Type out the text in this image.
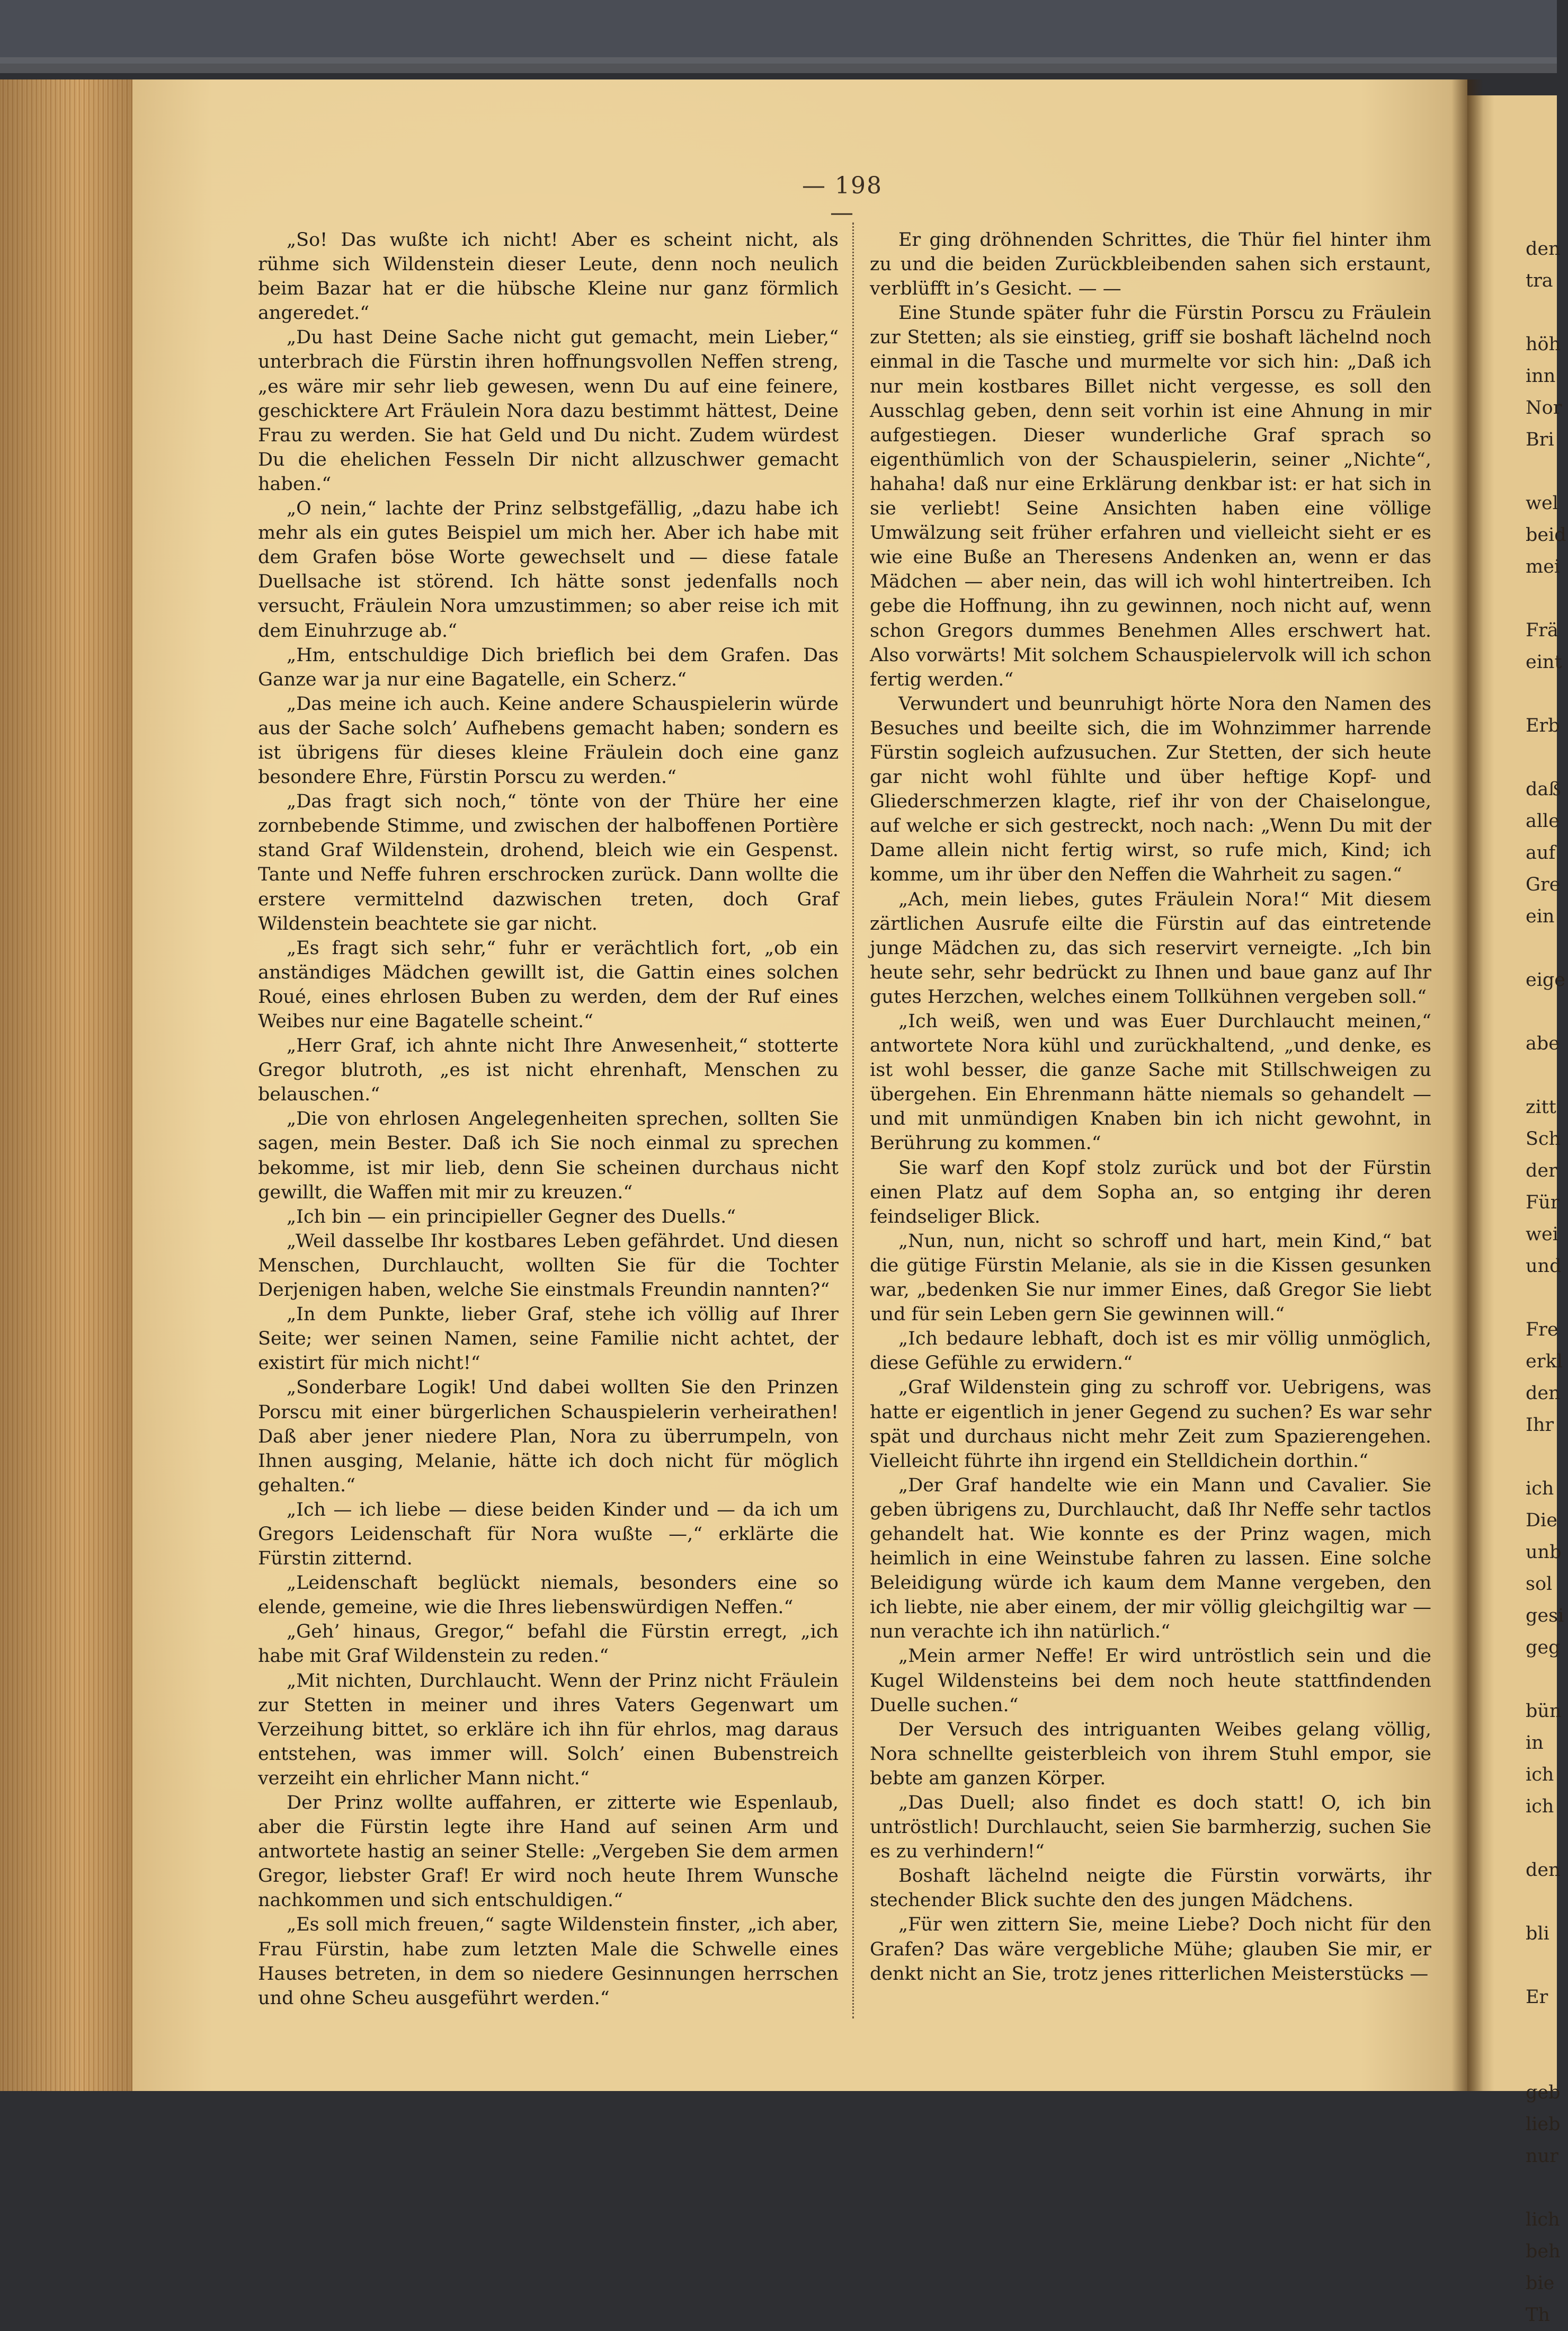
— 198 —

„So! Das wußte ich nicht! Aber es scheint nicht, als rühme sich Wildenstein dieser Leute, denn noch neulich beim Bazar hat er die hübsche Kleine nur ganz förmlich angeredet.“

„Du hast Deine Sache nicht gut gemacht, mein Lieber,“ unterbrach die Fürstin ihren hoffnungsvollen Neffen streng, „es wäre mir sehr lieb gewesen, wenn Du auf eine feinere, geschicktere Art Fräulein Nora dazu bestimmt hättest, Deine Frau zu werden. Sie hat Geld und Du nicht. Zudem würdest Du die ehelichen Fesseln Dir nicht allzuschwer gemacht haben.“

„O nein,“ lachte der Prinz selbstgefällig, „dazu habe ich mehr als ein gutes Beispiel um mich her. Aber ich habe mit dem Grafen böse Worte gewechselt und — diese fatale Duellsache ist störend. Ich hätte sonst jedenfalls noch versucht, Fräulein Nora umzustimmen; so aber reise ich mit dem Einuhrzuge ab.“

„Hm, entschuldige Dich brieflich bei dem Grafen. Das Ganze war ja nur eine Bagatelle, ein Scherz.“

„Das meine ich auch. Keine andere Schauspielerin würde aus der Sache solch’ Aufhebens gemacht haben; sondern es ist übrigens für dieses kleine Fräulein doch eine ganz besondere Ehre, Fürstin Porscu zu werden.“

„Das fragt sich noch,“ tönte von der Thüre her eine zornbebende Stimme, und zwischen der halboffenen Portière stand Graf Wildenstein, drohend, bleich wie ein Gespenst. Tante und Neffe fuhren erschrocken zurück. Dann wollte die erstere vermittelnd dazwischen treten, doch Graf Wildenstein beachtete sie gar nicht.

„Es fragt sich sehr,“ fuhr er verächtlich fort, „ob ein anständiges Mädchen gewillt ist, die Gattin eines solchen Roué, eines ehrlosen Buben zu werden, dem der Ruf eines Weibes nur eine Bagatelle scheint.“

„Herr Graf, ich ahnte nicht Ihre Anwesenheit,“ stotterte Gregor blutroth, „es ist nicht ehrenhaft, Menschen zu belauschen.“

„Die von ehrlosen Angelegenheiten sprechen, sollten Sie sagen, mein Bester. Daß ich Sie noch einmal zu sprechen bekomme, ist mir lieb, denn Sie scheinen durchaus nicht gewillt, die Waffen mit mir zu kreuzen.“

„Ich bin — ein principieller Gegner des Duells.“

„Weil dasselbe Ihr kostbares Leben gefährdet. Und diesen Menschen, Durchlaucht, wollten Sie für die Tochter Derjenigen haben, welche Sie einstmals Freundin nannten?“

„In dem Punkte, lieber Graf, stehe ich völlig auf Ihrer Seite; wer seinen Namen, seine Familie nicht achtet, der existirt für mich nicht!“

„Sonderbare Logik! Und dabei wollten Sie den Prinzen Porscu mit einer bürgerlichen Schauspielerin verheirathen! Daß aber jener niedere Plan, Nora zu überrumpeln, von Ihnen ausging, Melanie, hätte ich doch nicht für möglich gehalten.“

„Ich — ich liebe — diese beiden Kinder und — da ich um Gregors Leidenschaft für Nora wußte —,“ erklärte die Fürstin zitternd.

„Leidenschaft beglückt niemals, besonders eine so elende, gemeine, wie die Ihres liebenswürdigen Neffen.“

„Geh’ hinaus, Gregor,“ befahl die Fürstin erregt, „ich habe mit Graf Wildenstein zu reden.“

„Mit nichten, Durchlaucht. Wenn der Prinz nicht Fräulein zur Stetten in meiner und ihres Vaters Gegenwart um Verzeihung bittet, so erkläre ich ihn für ehrlos, mag daraus entstehen, was immer will. Solch’ einen Bubenstreich verzeiht ein ehrlicher Mann nicht.“

Der Prinz wollte auffahren, er zitterte wie Espenlaub, aber die Fürstin legte ihre Hand auf seinen Arm und antwortete hastig an seiner Stelle: „Vergeben Sie dem armen Gregor, liebster Graf! Er wird noch heute Ihrem Wunsche nachkommen und sich entschuldigen.“

„Es soll mich freuen,“ sagte Wildenstein finster, „ich aber, Frau Fürstin, habe zum letzten Male die Schwelle eines Hauses betreten, in dem so niedere Gesinnungen herrschen und ohne Scheu ausgeführt werden.“

Er ging dröhnenden Schrittes, die Thür fiel hinter ihm zu und die beiden Zurückbleibenden sahen sich erstaunt, verblüfft in’s Gesicht. — —

Eine Stunde später fuhr die Fürstin Porscu zu Fräulein zur Stetten; als sie einstieg, griff sie boshaft lächelnd noch einmal in die Tasche und murmelte vor sich hin: „Daß ich nur mein kostbares Billet nicht vergesse, es soll den Ausschlag geben, denn seit vorhin ist eine Ahnung in mir aufgestiegen. Dieser wunderliche Graf sprach so eigenthümlich von der Schauspielerin, seiner „Nichte“, hahaha! daß nur eine Erklärung denkbar ist: er hat sich in sie verliebt! Seine Ansichten haben eine völlige Umwälzung seit früher erfahren und vielleicht sieht er es wie eine Buße an Theresens Andenken an, wenn er das Mädchen — aber nein, das will ich wohl hintertreiben. Ich gebe die Hoffnung, ihn zu gewinnen, noch nicht auf, wenn schon Gregors dummes Benehmen Alles erschwert hat. Also vorwärts! Mit solchem Schauspielervolk will ich schon fertig werden.“

Verwundert und beunruhigt hörte Nora den Namen des Besuches und beeilte sich, die im Wohnzimmer harrende Fürstin sogleich aufzusuchen. Zur Stetten, der sich heute gar nicht wohl fühlte und über heftige Kopf- und Gliederschmerzen klagte, rief ihr von der Chaiselongue, auf welche er sich gestreckt, noch nach: „Wenn Du mit der Dame allein nicht fertig wirst, so rufe mich, Kind; ich komme, um ihr über den Neffen die Wahrheit zu sagen.“

„Ach, mein liebes, gutes Fräulein Nora!“ Mit diesem zärtlichen Ausrufe eilte die Fürstin auf das eintretende junge Mädchen zu, das sich reservirt verneigte. „Ich bin heute sehr, sehr bedrückt zu Ihnen und baue ganz auf Ihr gutes Herzchen, welches einem Tollkühnen vergeben soll.“

„Ich weiß, wen und was Euer Durchlaucht meinen,“ antwortete Nora kühl und zurückhaltend, „und denke, es ist wohl besser, die ganze Sache mit Stillschweigen zu übergehen. Ein Ehrenmann hätte niemals so gehandelt — und mit unmündigen Knaben bin ich nicht gewohnt, in Berührung zu kommen.“

Sie warf den Kopf stolz zurück und bot der Fürstin einen Platz auf dem Sopha an, so entging ihr deren feindseliger Blick.

„Nun, nun, nicht so schroff und hart, mein Kind,“ bat die gütige Fürstin Melanie, als sie in die Kissen gesunken war, „bedenken Sie nur immer Eines, daß Gregor Sie liebt und für sein Leben gern Sie gewinnen will.“

„Ich bedaure lebhaft, doch ist es mir völlig unmöglich, diese Gefühle zu erwidern.“

„Graf Wildenstein ging zu schroff vor. Uebrigens, was hatte er eigentlich in jener Gegend zu suchen? Es war sehr spät und durchaus nicht mehr Zeit zum Spazierengehen. Vielleicht führte ihn irgend ein Stelldichein dorthin.“

„Der Graf handelte wie ein Mann und Cavalier. Sie geben übrigens zu, Durchlaucht, daß Ihr Neffe sehr tactlos gehandelt hat. Wie konnte es der Prinz wagen, mich heimlich in eine Weinstube fahren zu lassen. Eine solche Beleidigung würde ich kaum dem Manne vergeben, den ich liebte, nie aber einem, der mir völlig gleichgiltig war — nun verachte ich ihn natürlich.“

„Mein armer Neffe! Er wird untröstlich sein und die Kugel Wildensteins bei dem noch heute stattfindenden Duelle suchen.“

Der Versuch des intriguanten Weibes gelang völlig, Nora schnellte geisterbleich von ihrem Stuhl empor, sie bebte am ganzen Körper.

„Das Duell; also findet es doch statt! O, ich bin untröstlich! Durchlaucht, seien Sie barmherzig, suchen Sie es zu verhindern!“

Boshaft lächelnd neigte die Fürstin vorwärts, ihr stechender Blick suchte den des jungen Mädchens.

„Für wen zittern Sie, meine Liebe? Doch nicht für den Grafen? Das wäre vergebliche Mühe; glauben Sie mir, er denkt nicht an Sie, trotz jenes ritterlichen Meisterstücks —

den
tra
höh
inn
Nor
Bri
wel
beid
mei
Frä
eint
Erb
daß
alle
auf
Gre
ein
eige
abe
zitt
Sch
der
Für
wei
und
Fre
erkl
den
Ihr
ich
Die
unb
sol
gesi
geg
bün
in
ich
ich
den
bli
Er
geb
lieb
nur
lich
beh
bie
Th
